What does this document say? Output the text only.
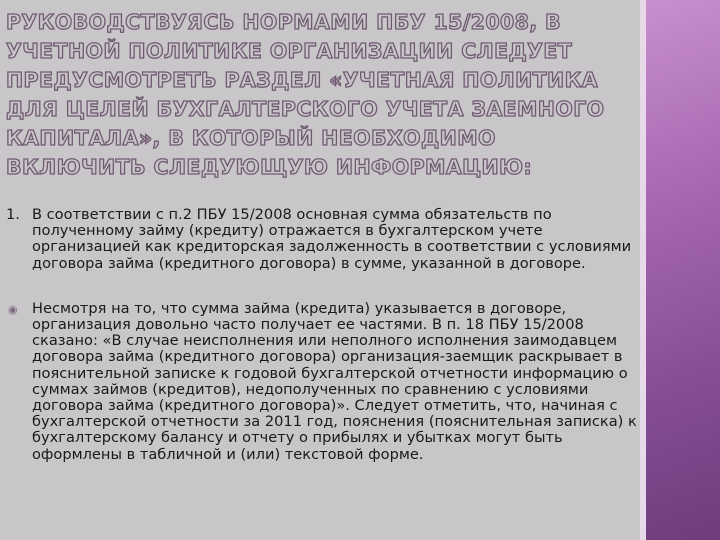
РУКОВОДСТВУЯСЬ НОРМАМИ ПБУ 15/2008, В УЧЕТНОЙ ПОЛИТИКЕ ОРГАНИЗАЦИИ СЛЕДУЕТ ПРЕДУСМОТРЕТЬ РАЗДЕЛ «УЧЕТНАЯ ПОЛИТИКА ДЛЯ ЦЕЛЕЙ БУХГАЛТЕРСКОГО УЧЕТА ЗАЕМНОГО КАПИТАЛА», В КОТОРЫЙ НЕОБХОДИМО ВКЛЮЧИТЬ СЛЕДУЮЩУЮ ИНФОРМАЦИЮ:
1. В соответствии с п.2 ПБУ 15/2008 основная сумма обязательств по полученному займу (кредиту) отражается в бухгалтерском учете организацией как кредиторская задолженность в соответствии с условиями договора займа (кредитного договора) в сумме, указанной в договоре.
◉ Несмотря на то, что сумма займа (кредита) указывается в договоре, организация довольно часто получает ее частями. В п. 18 ПБУ 15/2008 сказано: «В случае неисполнения или неполного исполнения заимодавцем договора займа (кредитного договора) организация-заемщик раскрывает в пояснительной записке к годовой бухгалтерской отчетности информацию о суммах займов (кредитов), недополученных по сравнению с условиями договора займа (кредитного договора)». Следует отметить, что, начиная с бухгалтерской отчетности за 2011 год, пояснения (пояснительная записка) к бухгалтерскому балансу и отчету о прибылях и убытках могут быть оформлены в табличной и (или) текстовой форме.
